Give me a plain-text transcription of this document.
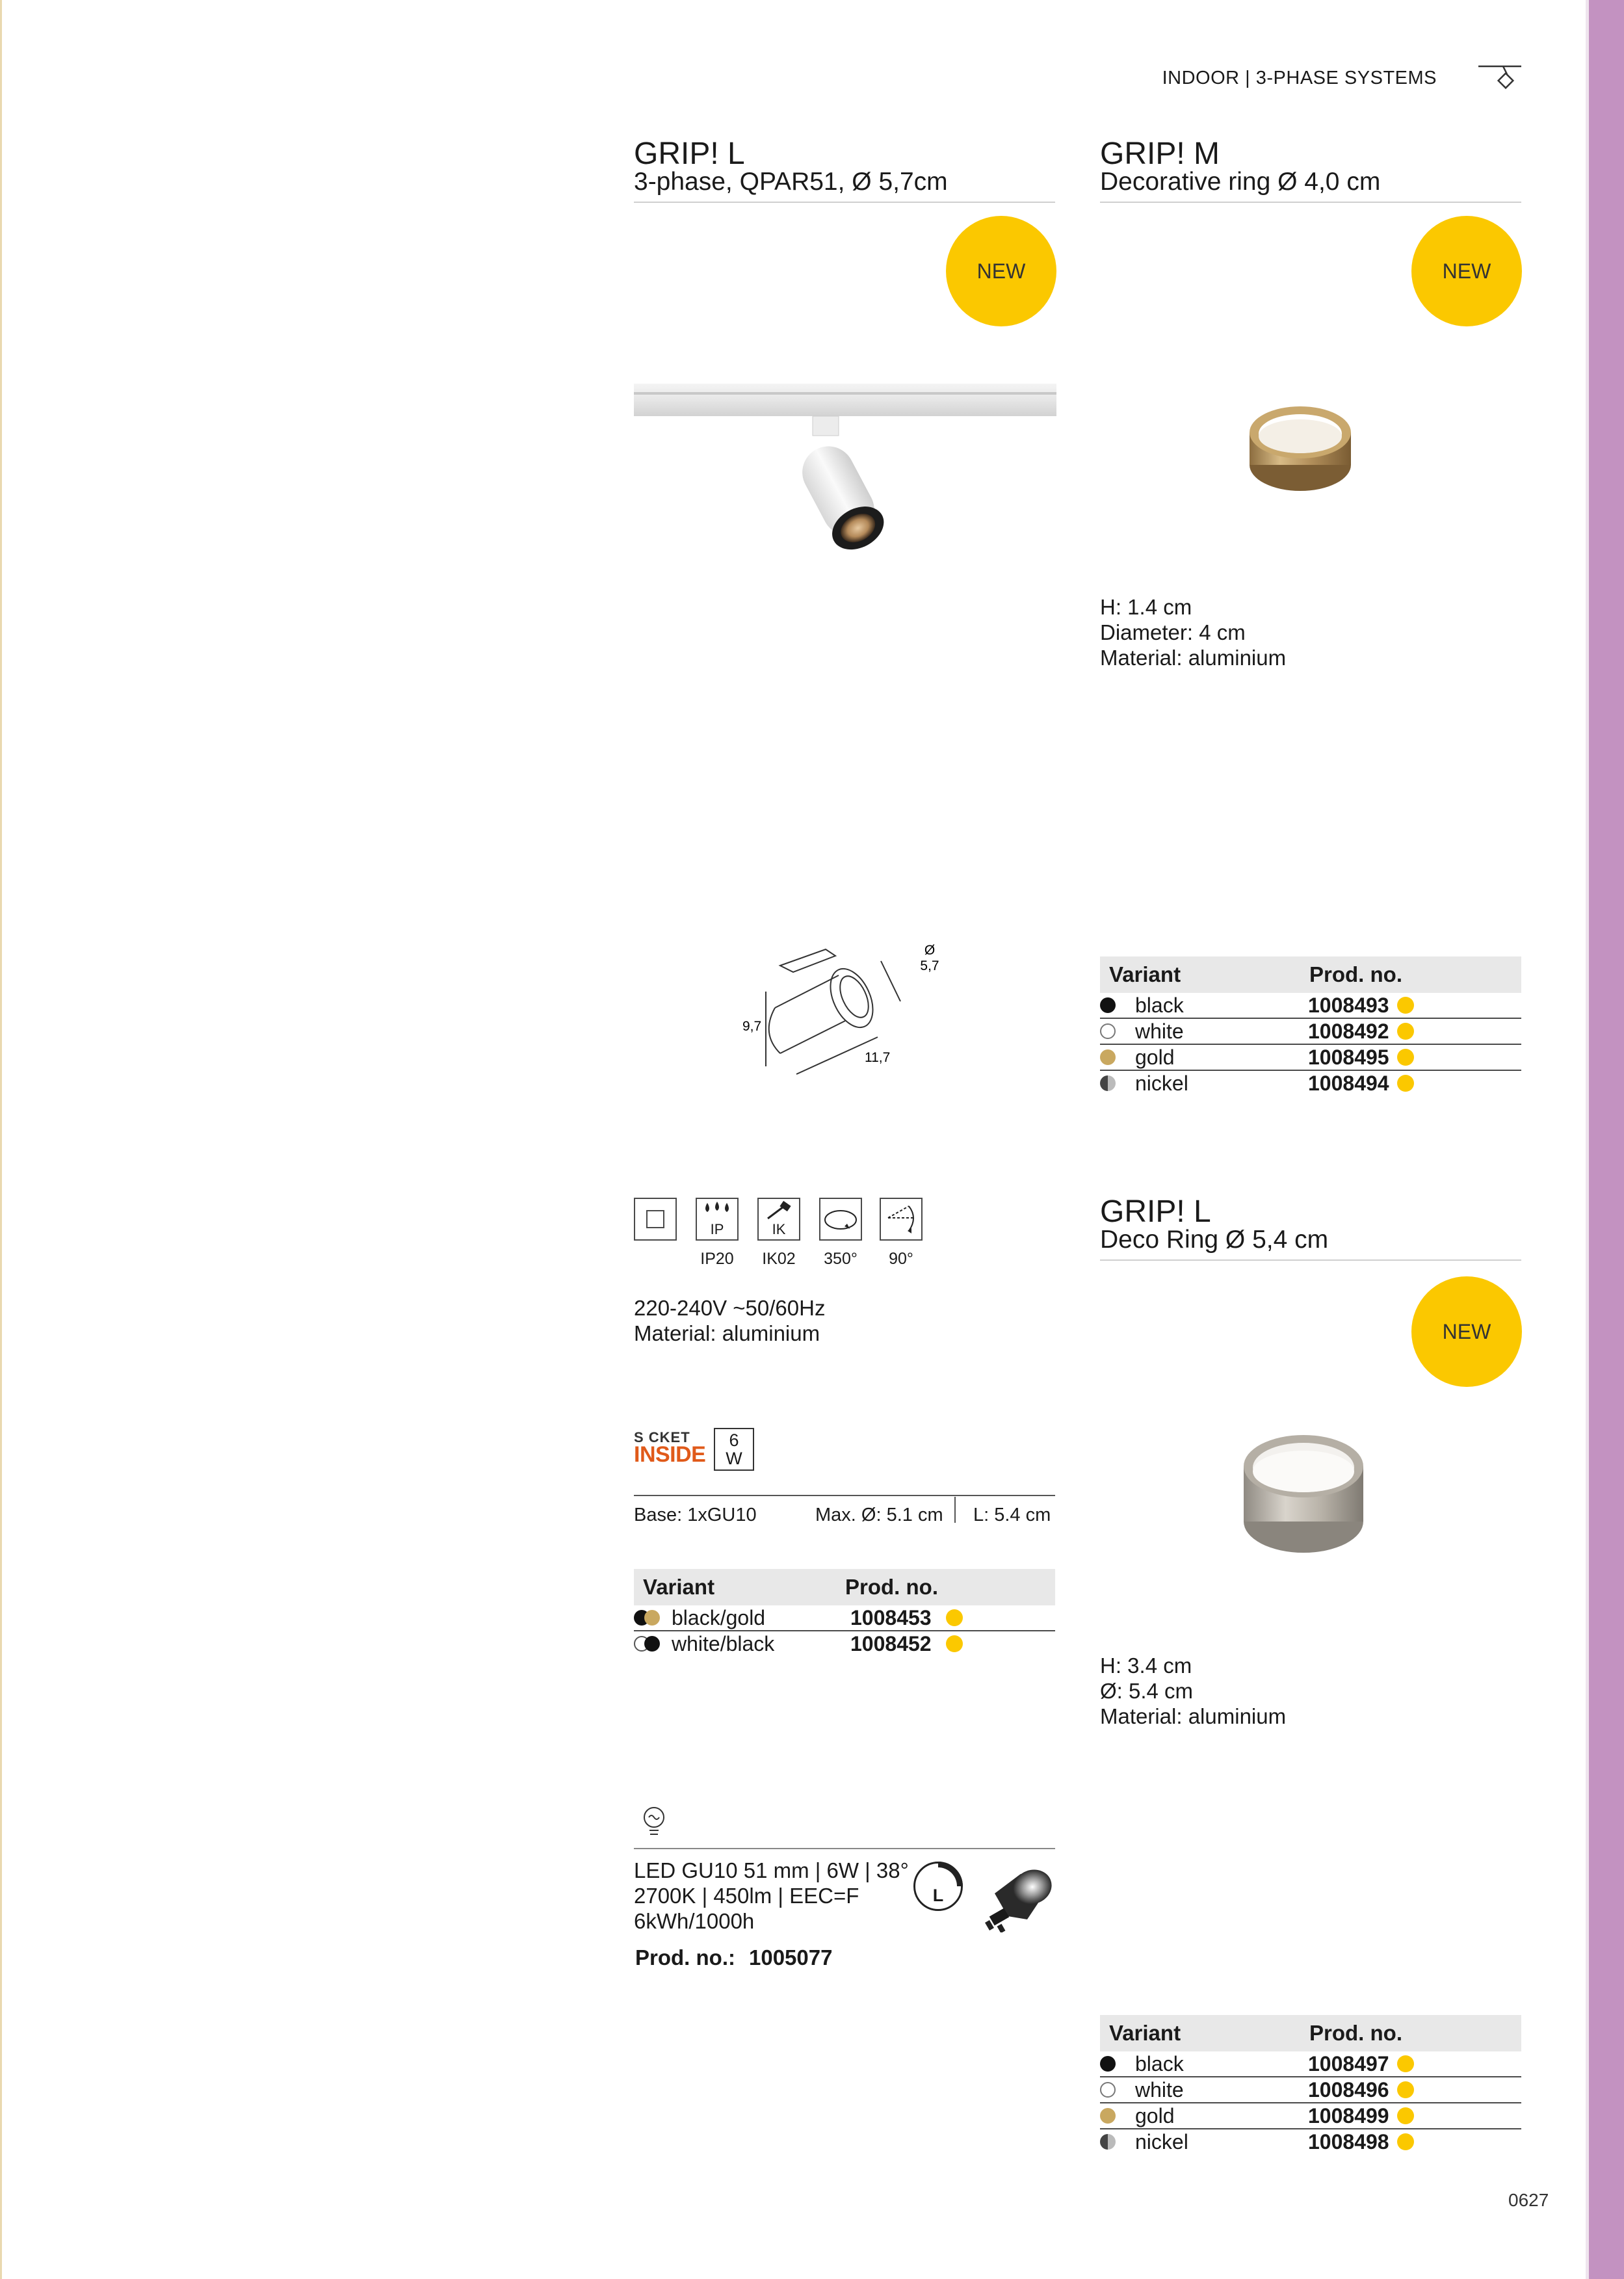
INDOOR | 3-PHASE SYSTEMS
GRIP! L
3-phase, QPAR51, Ø 5,7cm
NEW
Ø
5,7
9,7
11,7
IP	IK
IP20	IK02	350°	90°
220-240V ~50/60Hz
Material: aluminium
S CKET
INSIDE
6
W
Base: 1xGU10	Max. Ø: 5.1 cm L: 5.4 cm
Variant	Prod. no.
black/gold	1008453
white/black	1008452
LED GU10 51 mm | 6W | 38°
2700K | 450lm | EEC=F
6kWh/1000h
Prod. no.: 1005077
L
GRIP! M
Decorative ring Ø 4,0 cm
NEW
H: 1.4 cm
Diameter: 4 cm
Material: aluminium
Variant	Prod. no.
black	1008493
white	1008492
gold	1008495
nickel	1008494
GRIP! L
Deco Ring Ø 5,4 cm
NEW
H: 3.4 cm
Ø: 5.4 cm
Material: aluminium
Variant	Prod. no.
black	1008497
white	1008496
gold	1008499
nickel	1008498
0627
